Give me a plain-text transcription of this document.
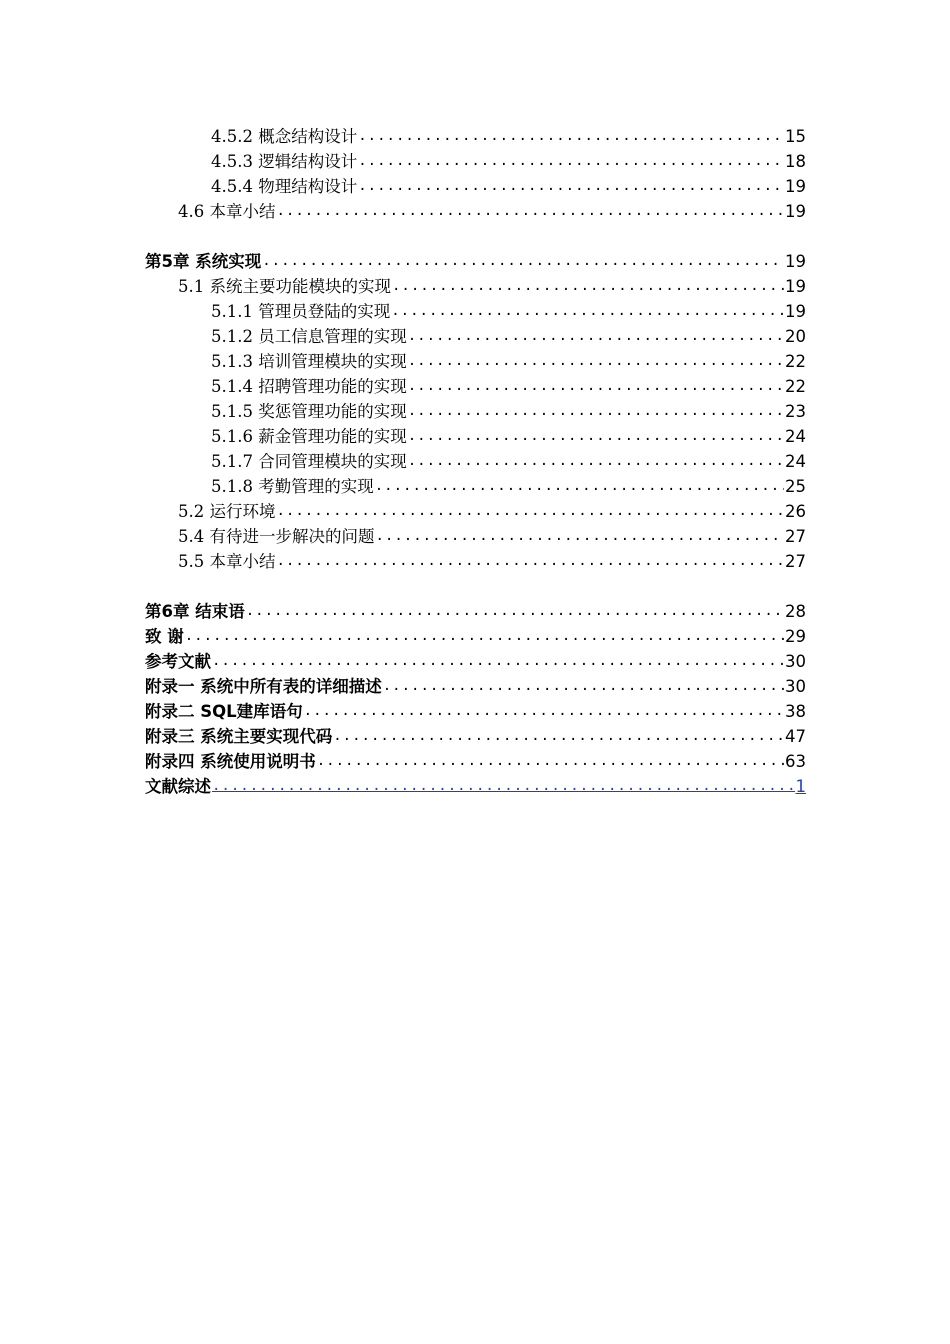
4.5.2 概念结构设计 .....	15
4.5.3 逻辑结构设计 .....	18
4.5.4 物理结构设计 .....	19
4.6 本章小结 .....	19
第5章 系统实现 .....	19
5.1 系统主要功能模块的实现 .....	19
5.1.1 管理员登陆的实现 .....	19
5.1.2 员工信息管理的实现 .....	20
5.1.3 培训管理模块的实现 .....	22
5.1.4 招聘管理功能的实现 .....	22
5.1.5 奖惩管理功能的实现 .....	23
5.1.6 薪金管理功能的实现 .....	24
5.1.7 合同管理模块的实现 .....	24
5.1.8 考勤管理的实现 .....	25
5.2 运行环境 .....	26
5.4 有待进一步解决的问题 .....	27
5.5 本章小结 .....	27
第6章 结束语 .....	28
致 谢 .....	29
参考文献 .....	30
附录一 系统中所有表的详细描述 .....	30
附录二 SQL建库语句 .....	38
附录三 系统主要实现代码 .....	47
附录四 系统使用说明书 .....	63
文献综述 .....	1
